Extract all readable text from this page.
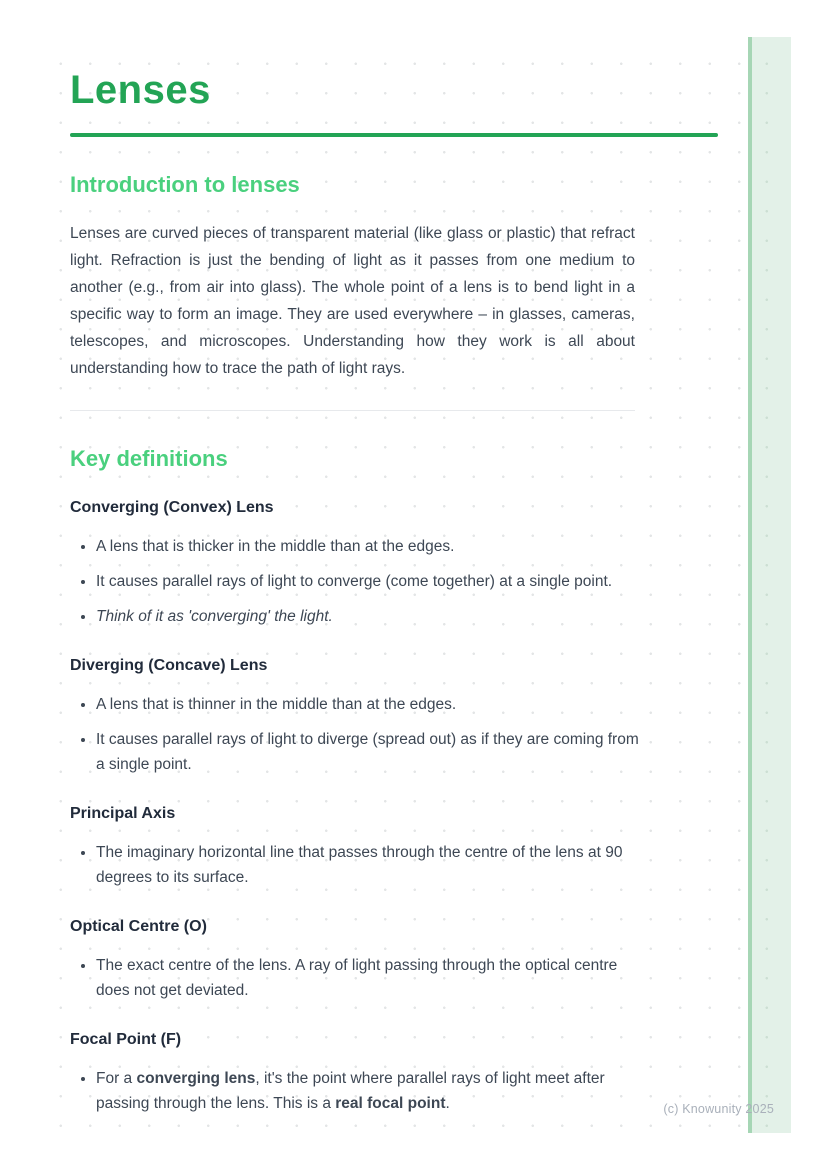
Lenses
Introduction to lenses

Lenses are curved pieces of transparent material (like glass or plastic) that refract light. Refraction is just the bending of light as it passes from one medium to another (e.g., from air into glass). The whole point of a lens is to bend light in a specific way to form an image. They are used everywhere – in glasses, cameras, telescopes, and microscopes. Understanding how they work is all about understanding how to trace the path of light rays.

Key definitions
Converging (Convex) Lens
• A lens that is thicker in the middle than at the edges.
• It causes parallel rays of light to converge (come together) at a single point.
• Think of it as 'converging' the light.
Diverging (Concave) Lens
• A lens that is thinner in the middle than at the edges.
• It causes parallel rays of light to diverge (spread out) as if they are coming from a single point.
Principal Axis
• The imaginary horizontal line that passes through the centre of the lens at 90 degrees to its surface.
Optical Centre (O)
• The exact centre of the lens. A ray of light passing through the optical centre does not get deviated.
Focal Point (F)
• For a converging lens, it's the point where parallel rays of light meet after passing through the lens. This is a real focal point.	(c) Knowunity 2025
